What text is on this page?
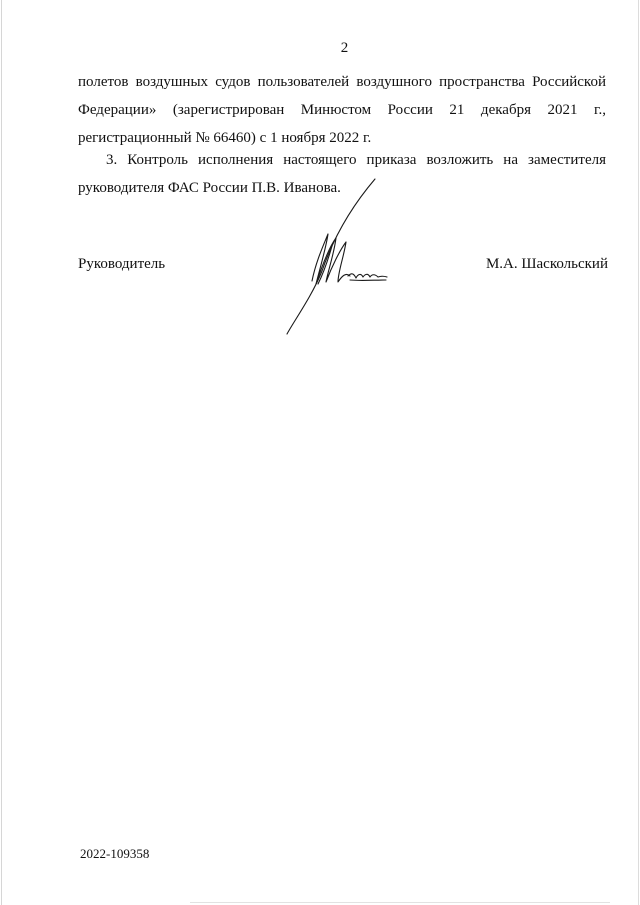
2
полетов воздушных судов пользователей воздушного пространства Российской
Федерации» (зарегистрирован Минюстом России 21 декабря 2021 г.,
регистрационный № 66460) с 1 ноября 2022 г.
3. Контроль исполнения настоящего приказа возложить на заместителя
руководителя ФАС России П.В. Иванова.
Руководитель	М.А. Шаскольский
2022-109358
